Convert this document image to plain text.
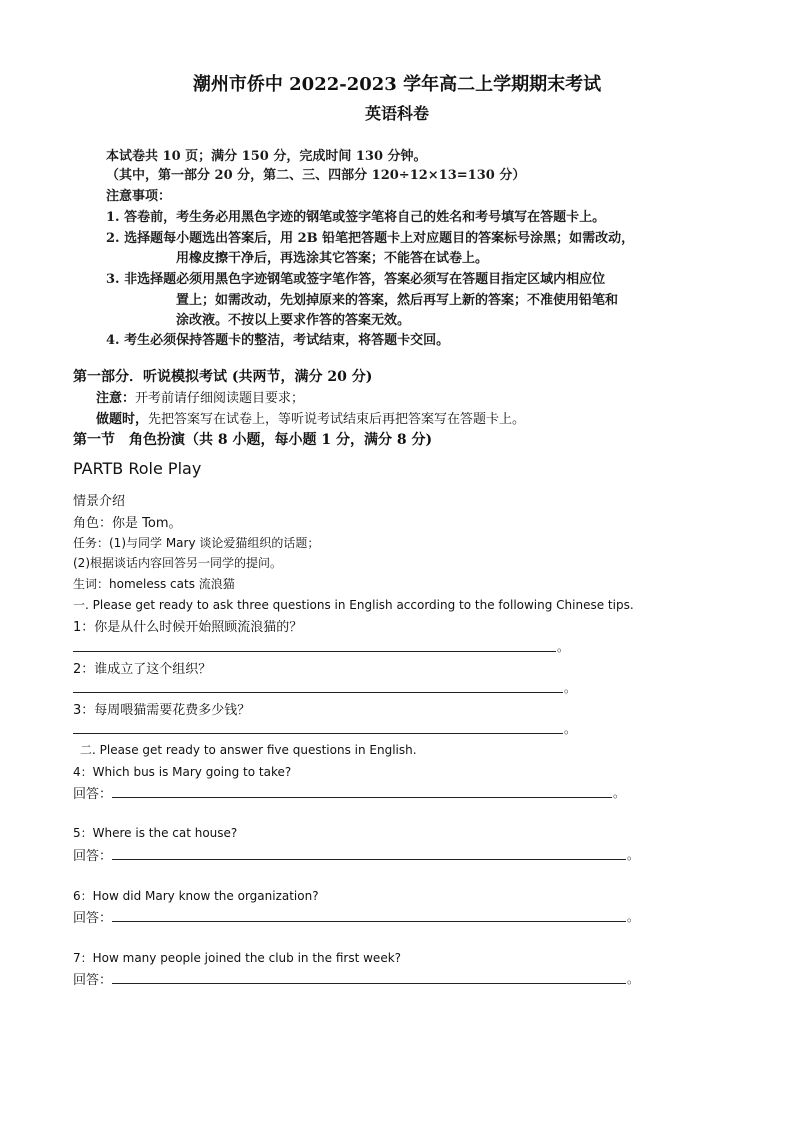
潮州市侨中 2022-2023 学年高二上学期期末考试
英语科卷
本试卷共 10 页；满分 150 分，完成时间 130 分钟。
（其中，第一部分 20 分，第二、三、四部分 120÷12×13=130 分）
注意事项：
1. 答卷前，考生务必用黑色字迹的钢笔或签字笔将自己的姓名和考号填写在答题卡上。
2. 选择题每小题选出答案后，用 2B 铅笔把答题卡上对应题目的答案标号涂黑；如需改动，
用橡皮擦干净后，再选涂其它答案；不能答在试卷上。
3. 非选择题必须用黑色字迹钢笔或签字笔作答，答案必须写在答题目指定区域内相应位
置上；如需改动，先划掉原来的答案，然后再写上新的答案；不准使用铅笔和
涂改液。不按以上要求作答的答案无效。
4. 考生必须保持答题卡的整洁，考试结束，将答题卡交回。
第一部分．听说模拟考试 (共两节，满分 20 分)
注意：开考前请仔细阅读题目要求；
做题时，先把答案写在试卷上，等听说考试结束后再把答案写在答题卡上。
第一节　角色扮演（共 8 小题，每小题 1 分，满分 8 分)
PARTB Role Play
情景介绍
角色：你是 Tom。
任务：(1)与同学 Mary 谈论爱猫组织的话题；
(2)根据谈话内容回答另一同学的提问。
生词：homeless cats 流浪猫
一. Please get ready to ask three questions in English according to the following Chinese tips.
1：你是从什么时候开始照顾流浪猫的？
。
2：谁成立了这个组织？
。
3：每周喂猫需要花费多少钱？
。
二. Please get ready to answer five questions in English.
4：Which bus is Mary going to take?
回答：	。
5：Where is the cat house?
回答：	。
6：How did Mary know the organization?
回答：	。
7：How many people joined the club in the first week?
回答：	。
